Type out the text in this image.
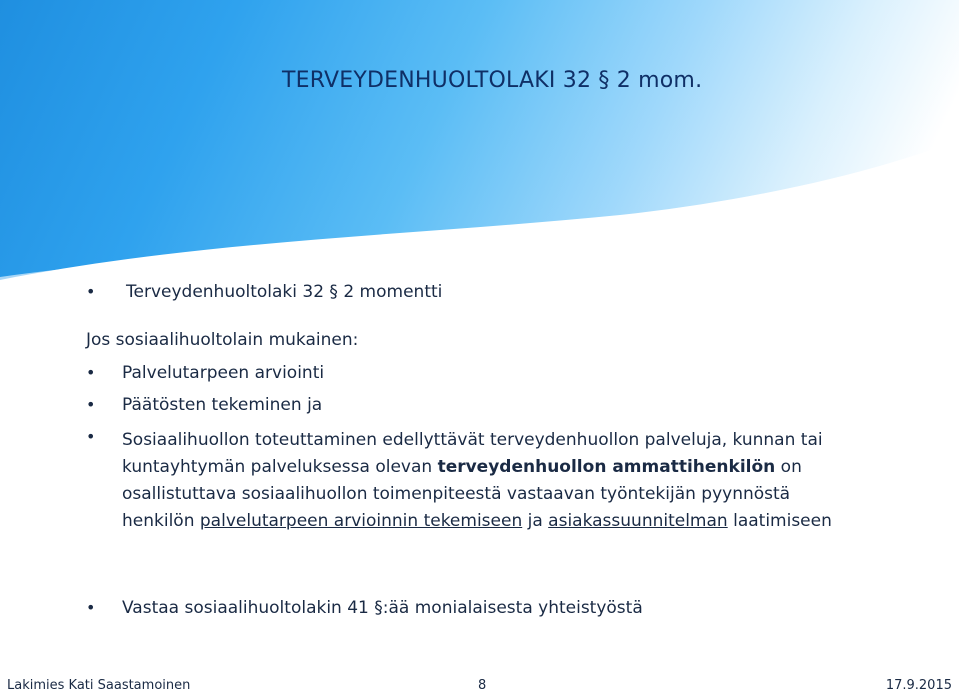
TERVEYDENHUOLTOLAKI 32 § 2 mom.
• Terveydenhuoltolaki 32 § 2 momentti
Jos sosiaalihuoltolain mukainen:
• Palvelutarpeen arviointi
• Päätösten tekeminen ja
• Sosiaalihuollon toteuttaminen edellyttävät terveydenhuollon palveluja, kunnan tai kuntayhtymän palveluksessa olevan terveydenhuollon ammattihenkilön on osallistuttava sosiaalihuollon toimenpiteestä vastaavan työntekijän pyynnöstä henkilön palvelutarpeen arvioinnin tekemiseen ja asiakassuunnitelman laatimiseen
• Vastaa sosiaalihuoltolakin 41 §:ää monialaisesta yhteistyöstä
Lakimies Kati Saastamoinen	8	17.9.2015
